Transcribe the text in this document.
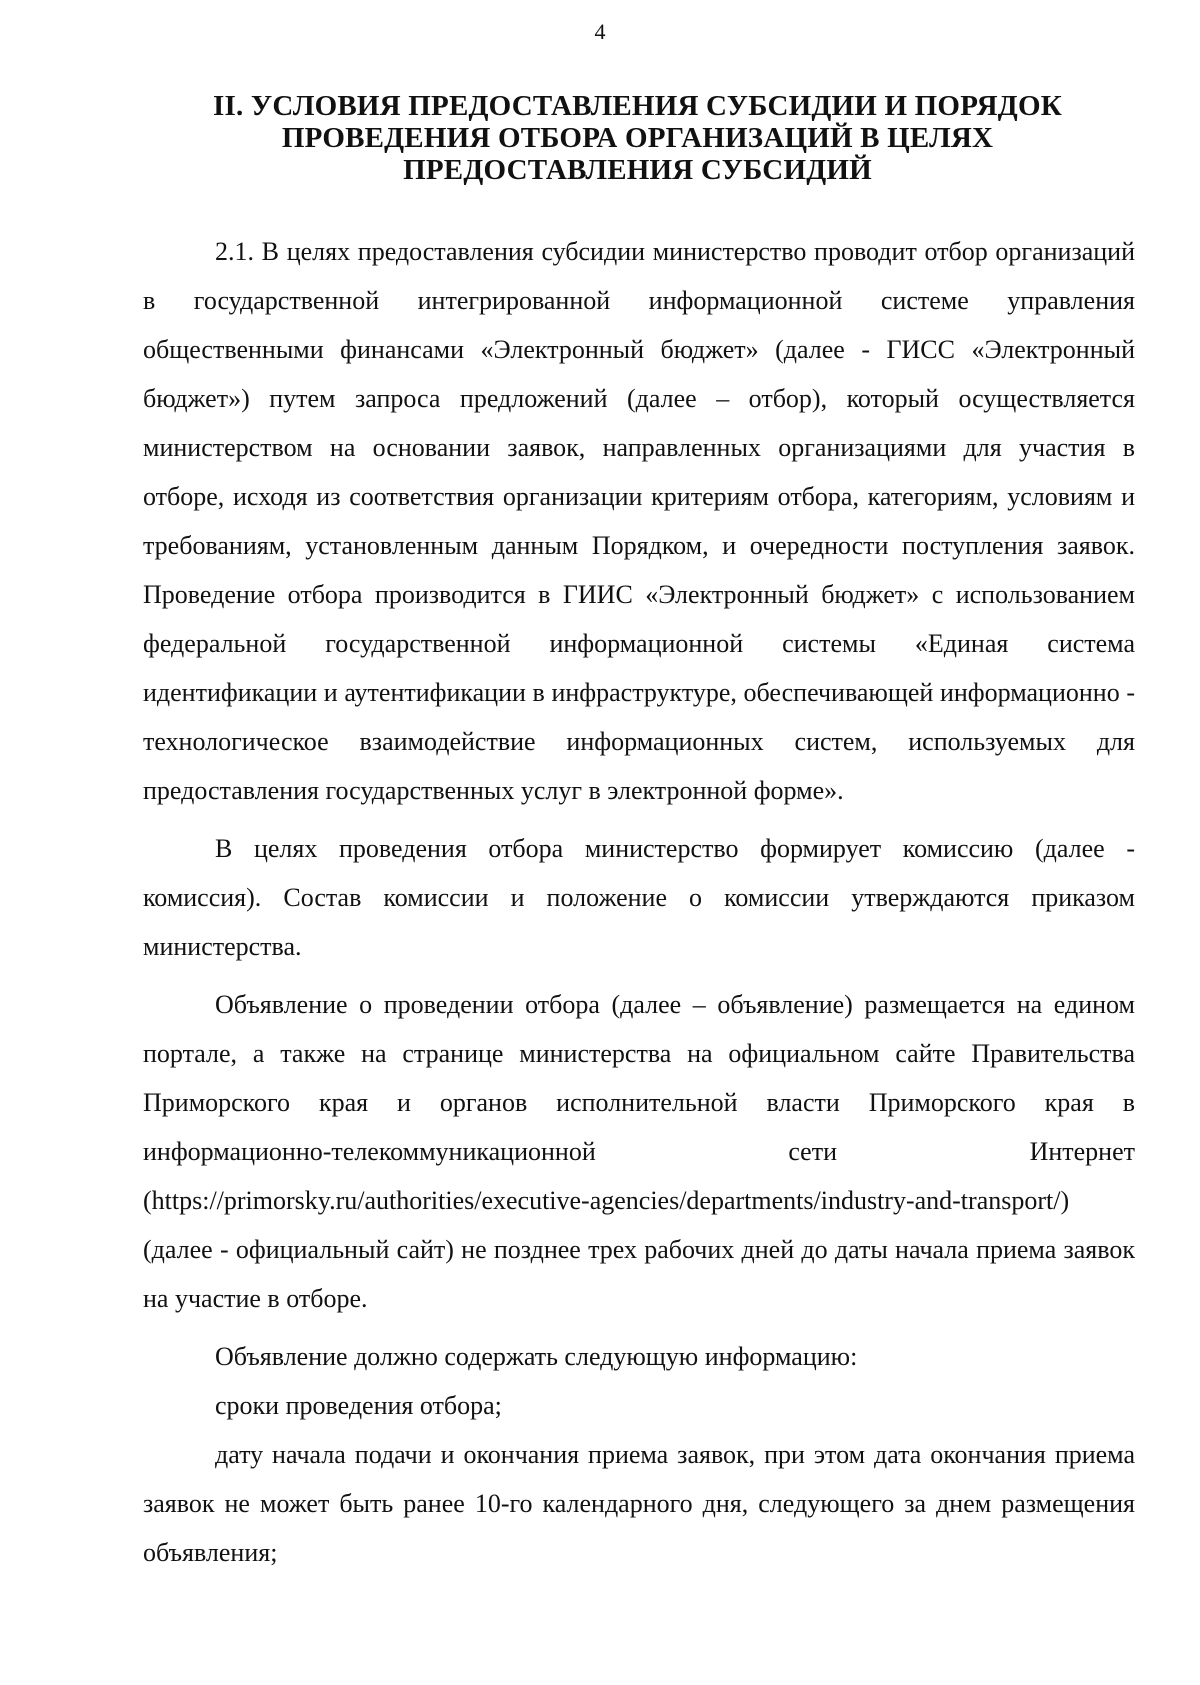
4
II. УСЛОВИЯ ПРЕДОСТАВЛЕНИЯ СУБСИДИИ И ПОРЯДОК
ПРОВЕДЕНИЯ ОТБОРА ОРГАНИЗАЦИЙ В ЦЕЛЯХ
ПРЕДОСТАВЛЕНИЯ СУБСИДИЙ

2.1. В целях предоставления субсидии министерство проводит отбор организаций в государственной интегрированной информационной системе управления общественными финансами «Электронный бюджет» (далее - ГИСС «Электронный бюджет») путем запроса предложений (далее – отбор), который осуществляется министерством на основании заявок, направленных организациями для участия в отборе, исходя из соответствия организации критериям отбора, категориям, условиям и требованиям, установленным данным Порядком, и очередности поступления заявок. Проведение отбора производится в ГИИС «Электронный бюджет» с использованием федеральной государственной информационной системы «Единая система идентификации и аутентификации в инфраструктуре, обеспечивающей информационно - технологическое взаимодействие информационных систем, используемых для предоставления государственных услуг в электронной форме».

В целях проведения отбора министерство формирует комиссию (далее - комиссия). Состав комиссии и положение о комиссии утверждаются приказом министерства.

Объявление о проведении отбора (далее – объявление) размещается на едином портале, а также на странице министерства на официальном сайте Правительства Приморского края и органов исполнительной власти Приморского края в информационно-телекоммуникационной сети Интернет (https://primorsky.ru/authorities/executive-agencies/departments/industry-and-transport/) (далее - официальный сайт) не позднее трех рабочих дней до даты начала приема заявок на участие в отборе.

Объявление должно содержать следующую информацию:

сроки проведения отбора;

дату начала подачи и окончания приема заявок, при этом дата окончания приема заявок не может быть ранее 10-го календарного дня, следующего за днем размещения объявления;
